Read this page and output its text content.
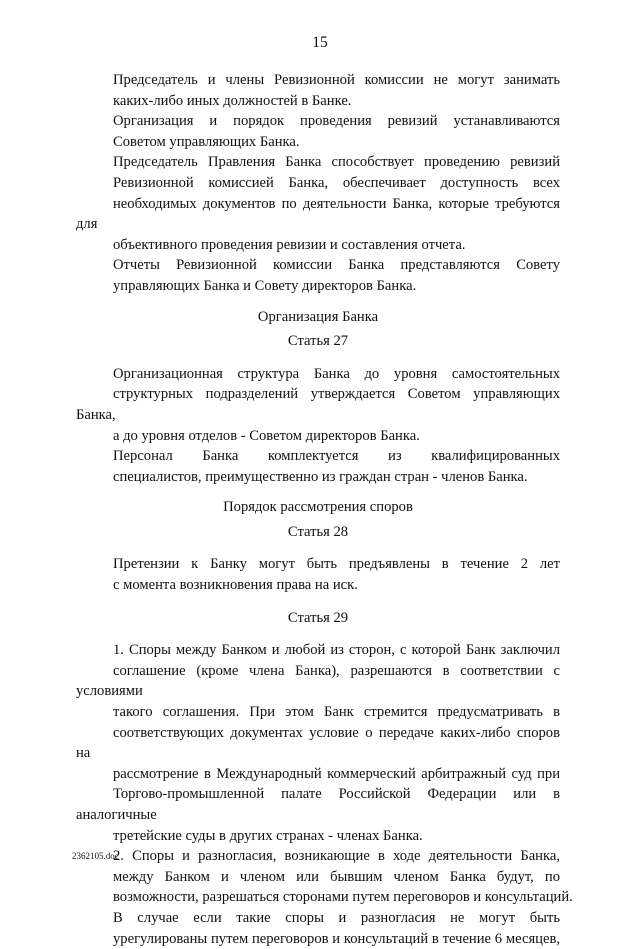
15
Председатель и члены Ревизионной комиссии не могут занимать
каких-либо иных должностей в Банке.
Организация и порядок проведения ревизий устанавливаются
Советом управляющих Банка.
Председатель Правления Банка способствует проведению ревизий
Ревизионной комиссией Банка, обеспечивает доступность всех
необходимых документов по деятельности Банка, которые требуются для
объективного проведения ревизии и составления отчета.
Отчеты Ревизионной комиссии Банка представляются Совету
управляющих Банка и Совету директоров Банка.

Организация Банка

Статья 27

Организационная структура Банка до уровня самостоятельных
структурных подразделений утверждается Советом управляющих Банка,
а до уровня отделов - Советом директоров Банка.
Персонал Банка комплектуется из квалифицированных
специалистов, преимущественно из граждан стран - членов Банка.

Порядок рассмотрения споров

Статья 28

Претензии к Банку могут быть предъявлены в течение 2 лет
с момента возникновения права на иск.

Статья 29

1. Споры между Банком и любой из сторон, с которой Банк заключил
соглашение (кроме члена Банка), разрешаются в соответствии с условиями
такого соглашения. При этом Банк стремится предусматривать в
соответствующих документах условие о передаче каких-либо споров на
рассмотрение в Международный коммерческий арбитражный суд при
Торгово-промышленной палате Российской Федерации или в аналогичные
третейские суды в других странах - членах Банка.
2. Споры и разногласия, возникающие в ходе деятельности Банка,
между Банком и членом или бывшим членом Банка будут, по
возможности, разрешаться сторонами путем переговоров и консультаций.
В случае если такие споры и разногласия не могут быть
урегулированы путем переговоров и консультаций в течение 6 месяцев,
2362105.doc
